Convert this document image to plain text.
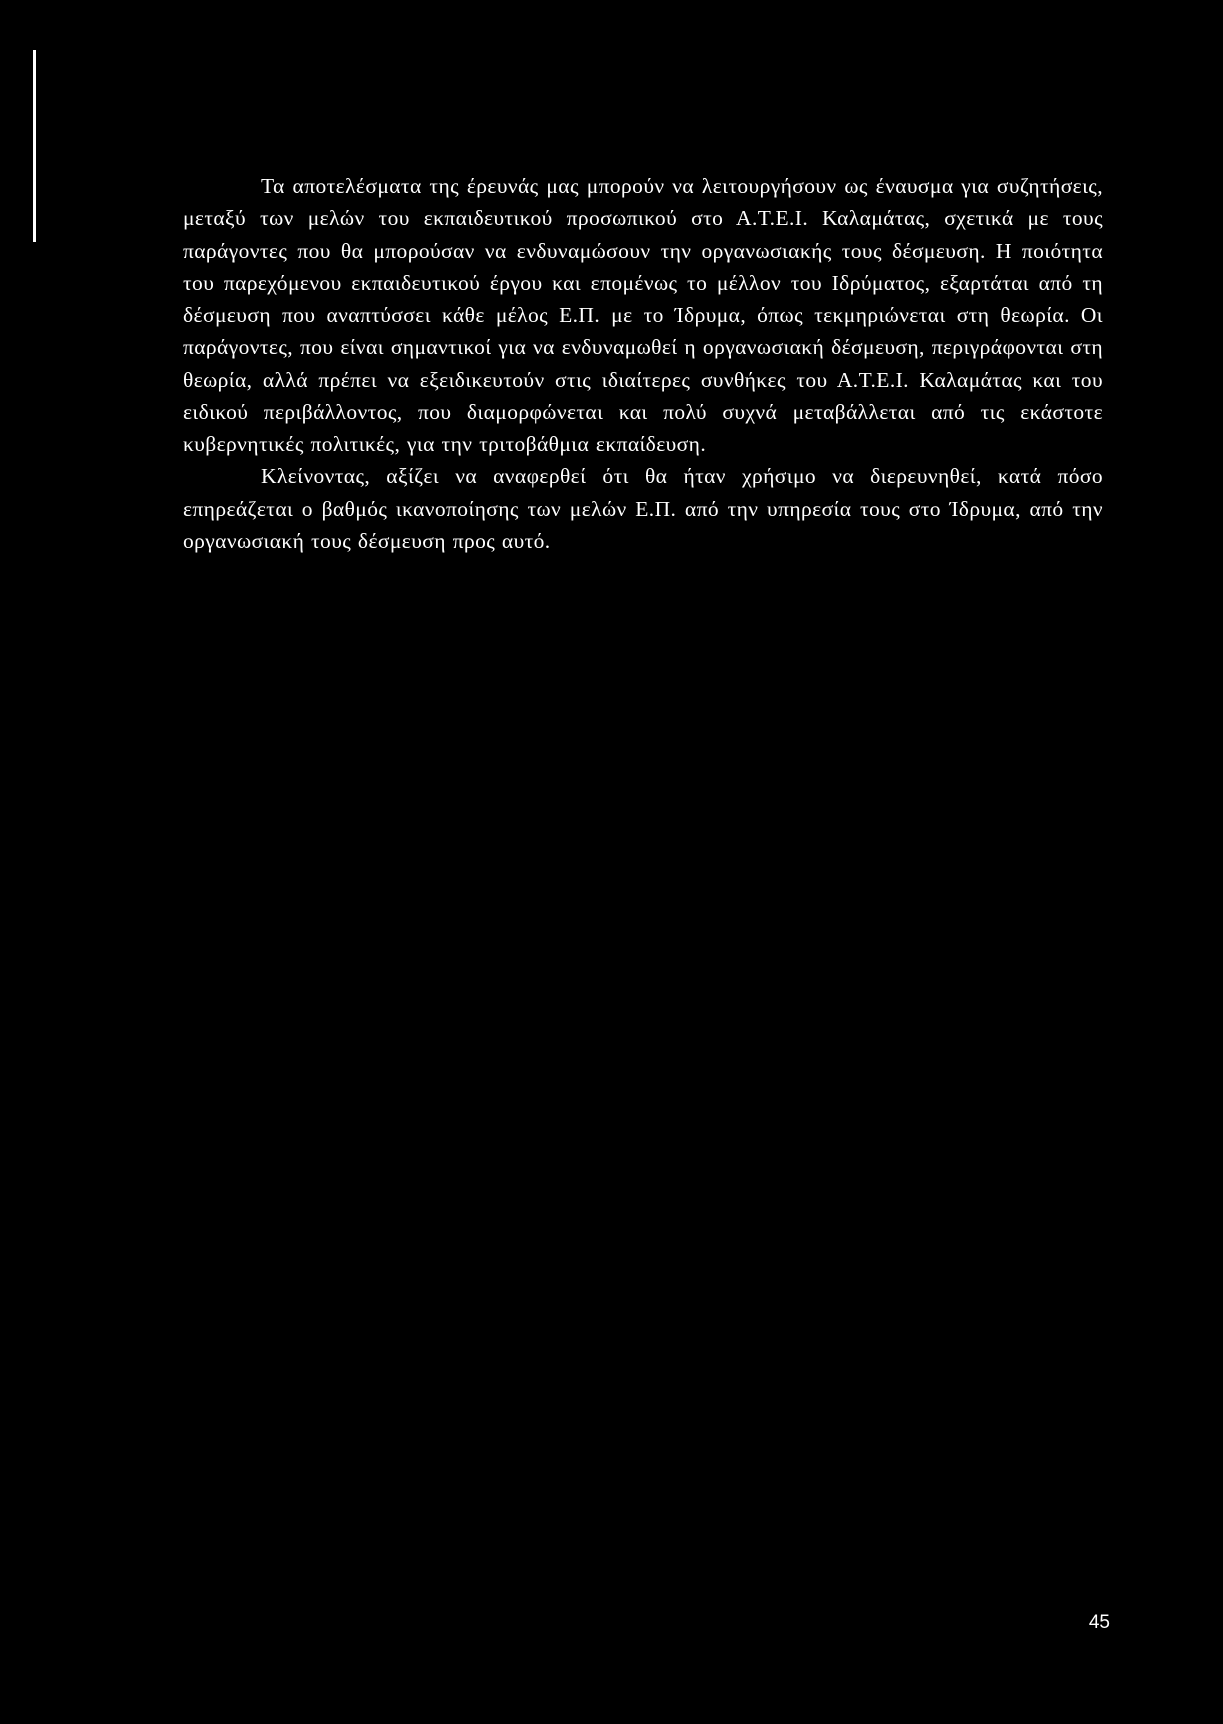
Τα αποτελέσματα της έρευνάς μας μπορούν να λειτουργήσουν ως έναυσμα για συζητήσεις, μεταξύ των μελών του εκπαιδευτικού προσωπικού στο Α.Τ.Ε.Ι. Καλαμάτας, σχετικά με τους παράγοντες που θα μπορούσαν να ενδυναμώσουν την οργανωσιακής τους δέσμευση. Η ποιότητα του παρεχόμενου εκπαιδευτικού έργου και επομένως το μέλλον του Ιδρύματος, εξαρτάται από τη δέσμευση που αναπτύσσει κάθε μέλος Ε.Π. με το Ίδρυμα, όπως τεκμηριώνεται στη θεωρία. Οι παράγοντες, που είναι σημαντικοί για να ενδυναμωθεί η οργανωσιακή δέσμευση, περιγράφονται στη θεωρία, αλλά πρέπει να εξειδικευτούν στις ιδιαίτερες συνθήκες του Α.Τ.Ε.Ι. Καλαμάτας και του ειδικού περιβάλλοντος, που διαμορφώνεται και πολύ συχνά μεταβάλλεται από τις εκάστοτε κυβερνητικές πολιτικές, για την τριτοβάθμια εκπαίδευση.

Κλείνοντας, αξίζει να αναφερθεί ότι θα ήταν χρήσιμο να διερευνηθεί, κατά πόσο επηρεάζεται ο βαθμός ικανοποίησης των μελών Ε.Π. από την υπηρεσία τους στο Ίδρυμα, από την οργανωσιακή τους δέσμευση προς αυτό.

45
